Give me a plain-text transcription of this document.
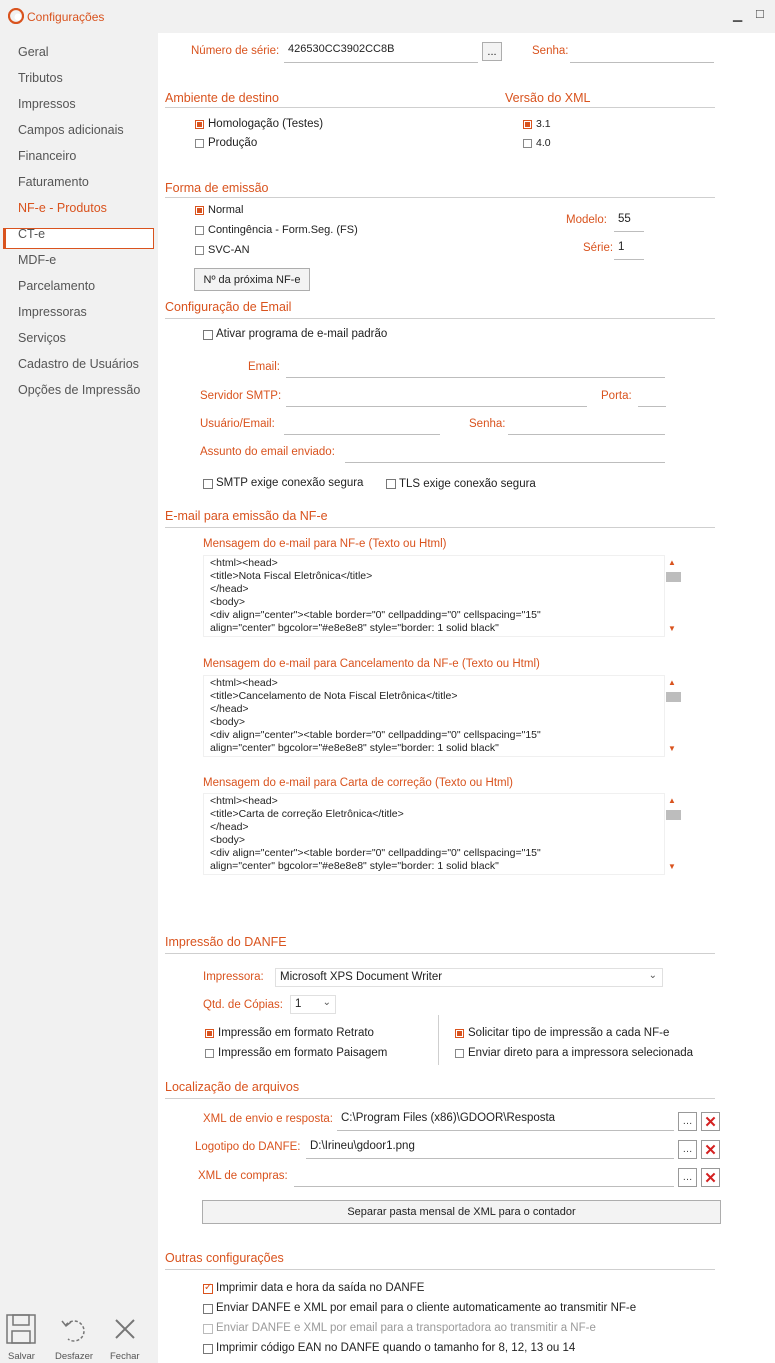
Configurações	▁ ☐
Geral
Tributos
Impressos
Campos adicionais
Financeiro
Faturamento
NF-e - Produtos
CT-e
MDF-e
Parcelamento
Impressoras
Serviços
Cadastro de Usuários
Opções de Impressão
Salvar Desfazer Fechar
Número de série: 426530CC3902CC8B	...	Senha:
Ambiente de destino	Versão do XML
Homologação (Testes)
Produção
3.1
4.0
Forma de emissão
Normal
Contingência - Form.Seg. (FS)
SVC-AN
Modelo: 55
Série: 1
Nº da próxima NF-e
Configuração de Email
Ativar programa de e-mail padrão
Email:
Servidor SMTP:	Porta:
Usuário/Email:	Senha:
Assunto do email enviado:
SMTP exige conexão segura	TLS exige conexão segura
E-mail para emissão da NF-e
Mensagem do e-mail para NF-e (Texto ou Html)
<html><head>
<title>Nota Fiscal Eletrônica</title>
</head>
<body>
<div align="center"><table border="0" cellpadding="0" cellspacing="15"
align="center" bgcolor="#e8e8e8" style="border: 1 solid black"
▲
▼
Mensagem do e-mail para Cancelamento da NF-e (Texto ou Html)
<html><head>
<title>Cancelamento de Nota Fiscal Eletrônica</title>
</head>
<body>
<div align="center"><table border="0" cellpadding="0" cellspacing="15"
align="center" bgcolor="#e8e8e8" style="border: 1 solid black"
▲
▼
Mensagem do e-mail para Carta de correção (Texto ou Html)
<html><head>
<title>Carta de correção Eletrônica</title>
</head>
<body>
<div align="center"><table border="0" cellpadding="0" cellspacing="15"
align="center" bgcolor="#e8e8e8" style="border: 1 solid black"
▲
▼
Impressão do DANFE
Impressora:	Microsoft XPS Document Writer	⌄
Qtd. de Cópias:	1 ⌄
Impressão em formato Retrato
Impressão em formato Paisagem
Solicitar tipo de impressão a cada NF-e
Enviar direto para a impressora selecionada
Localização de arquivos
XML de envio e resposta: C:\Program Files (x86)\GDOOR\Resposta	… ✕
Logotipo do DANFE: D:\Irineu\gdoor1.png	… ✕
XML de compras:	… ✕
Separar pasta mensal de XML para o contador
Outras configurações
✓
Imprimir data e hora da saída no DANFE
Enviar DANFE e XML por email para o cliente automaticamente ao transmitir NF-e
Enviar DANFE e XML por email para a transportadora ao transmitir a NF-e
Imprimir código EAN no DANFE quando o tamanho for 8, 12, 13 ou 14
